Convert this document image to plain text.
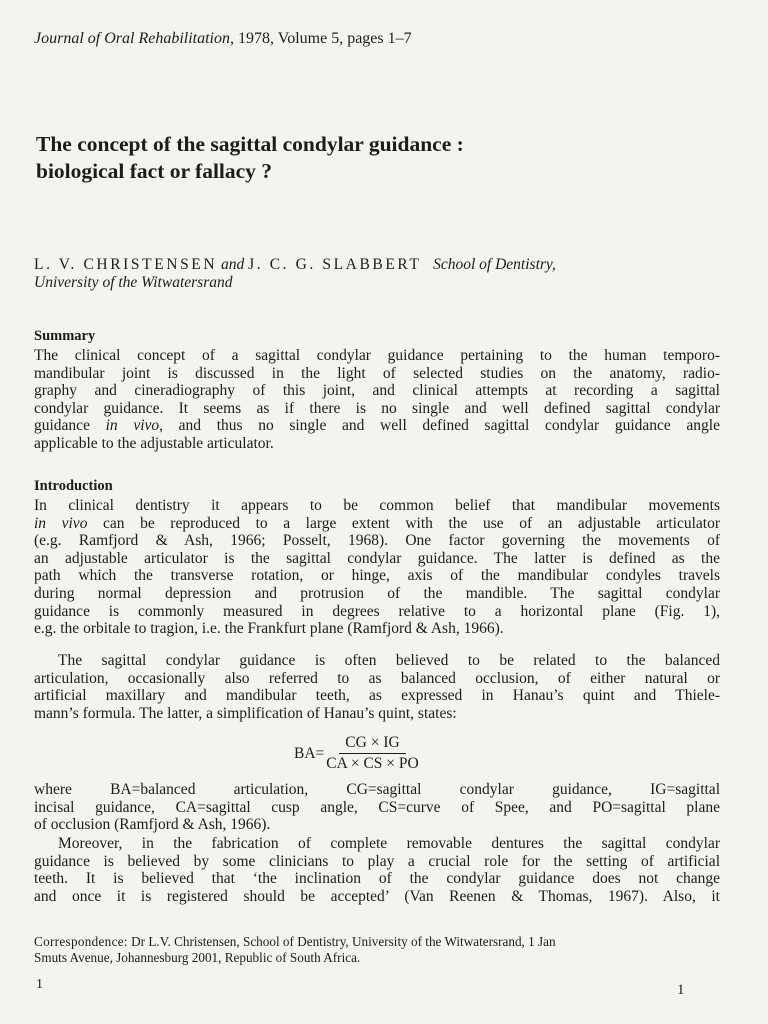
Journal of Oral Rehabilitation, 1978, Volume 5, pages 1–7
The concept of the sagittal condylar guidance :
biological fact or fallacy ?
L. V. CHRISTENSEN and J. C. G. SLABBERT School of Dentistry,
University of the Witwatersrand
Summary
The clinical concept of a sagittal condylar guidance pertaining to the human temporo-
mandibular joint is discussed in the light of selected studies on the anatomy, radio-
graphy and cineradiography of this joint, and clinical attempts at recording a sagittal
condylar guidance. It seems as if there is no single and well defined sagittal condylar
guidance in vivo, and thus no single and well defined sagittal condylar guidance angle
applicable to the adjustable articulator.
Introduction
In clinical dentistry it appears to be common belief that mandibular movements
in vivo can be reproduced to a large extent with the use of an adjustable articulator
(e.g. Ramfjord & Ash, 1966; Posselt, 1968). One factor governing the movements of
an adjustable articulator is the sagittal condylar guidance. The latter is defined as the
path which the transverse rotation, or hinge, axis of the mandibular condyles travels
during normal depression and protrusion of the mandible. The sagittal condylar
guidance is commonly measured in degrees relative to a horizontal plane (Fig. 1),
e.g. the orbitale to tragion, i.e. the Frankfurt plane (Ramfjord & Ash, 1966).
The sagittal condylar guidance is often believed to be related to the balanced
articulation, occasionally also referred to as balanced occlusion, of either natural or
artificial maxillary and mandibular teeth, as expressed in Hanau’s quint and Thiele-
mann’s formula. The latter, a simplification of Hanau’s quint, states:
$BA= \frac{CG \times IG}{CA \times CS \times PO}$
where BA=balanced articulation, CG=sagittal condylar guidance, IG=sagittal
incisal guidance, CA=sagittal cusp angle, CS=curve of Spee, and PO=sagittal plane
of occlusion (Ramfjord & Ash, 1966).
Moreover, in the fabrication of complete removable dentures the sagittal condylar
guidance is believed by some clinicians to play a crucial role for the setting of artificial
teeth. It is believed that ‘the inclination of the condylar guidance does not change
and once it is registered should be accepted’ (Van Reenen & Thomas, 1967). Also, it
Correspondence: Dr L.V. Christensen, School of Dentistry, University of the Witwatersrand, 1 Jan
Smuts Avenue, Johannesburg 2001, Republic of South Africa.
1	1
